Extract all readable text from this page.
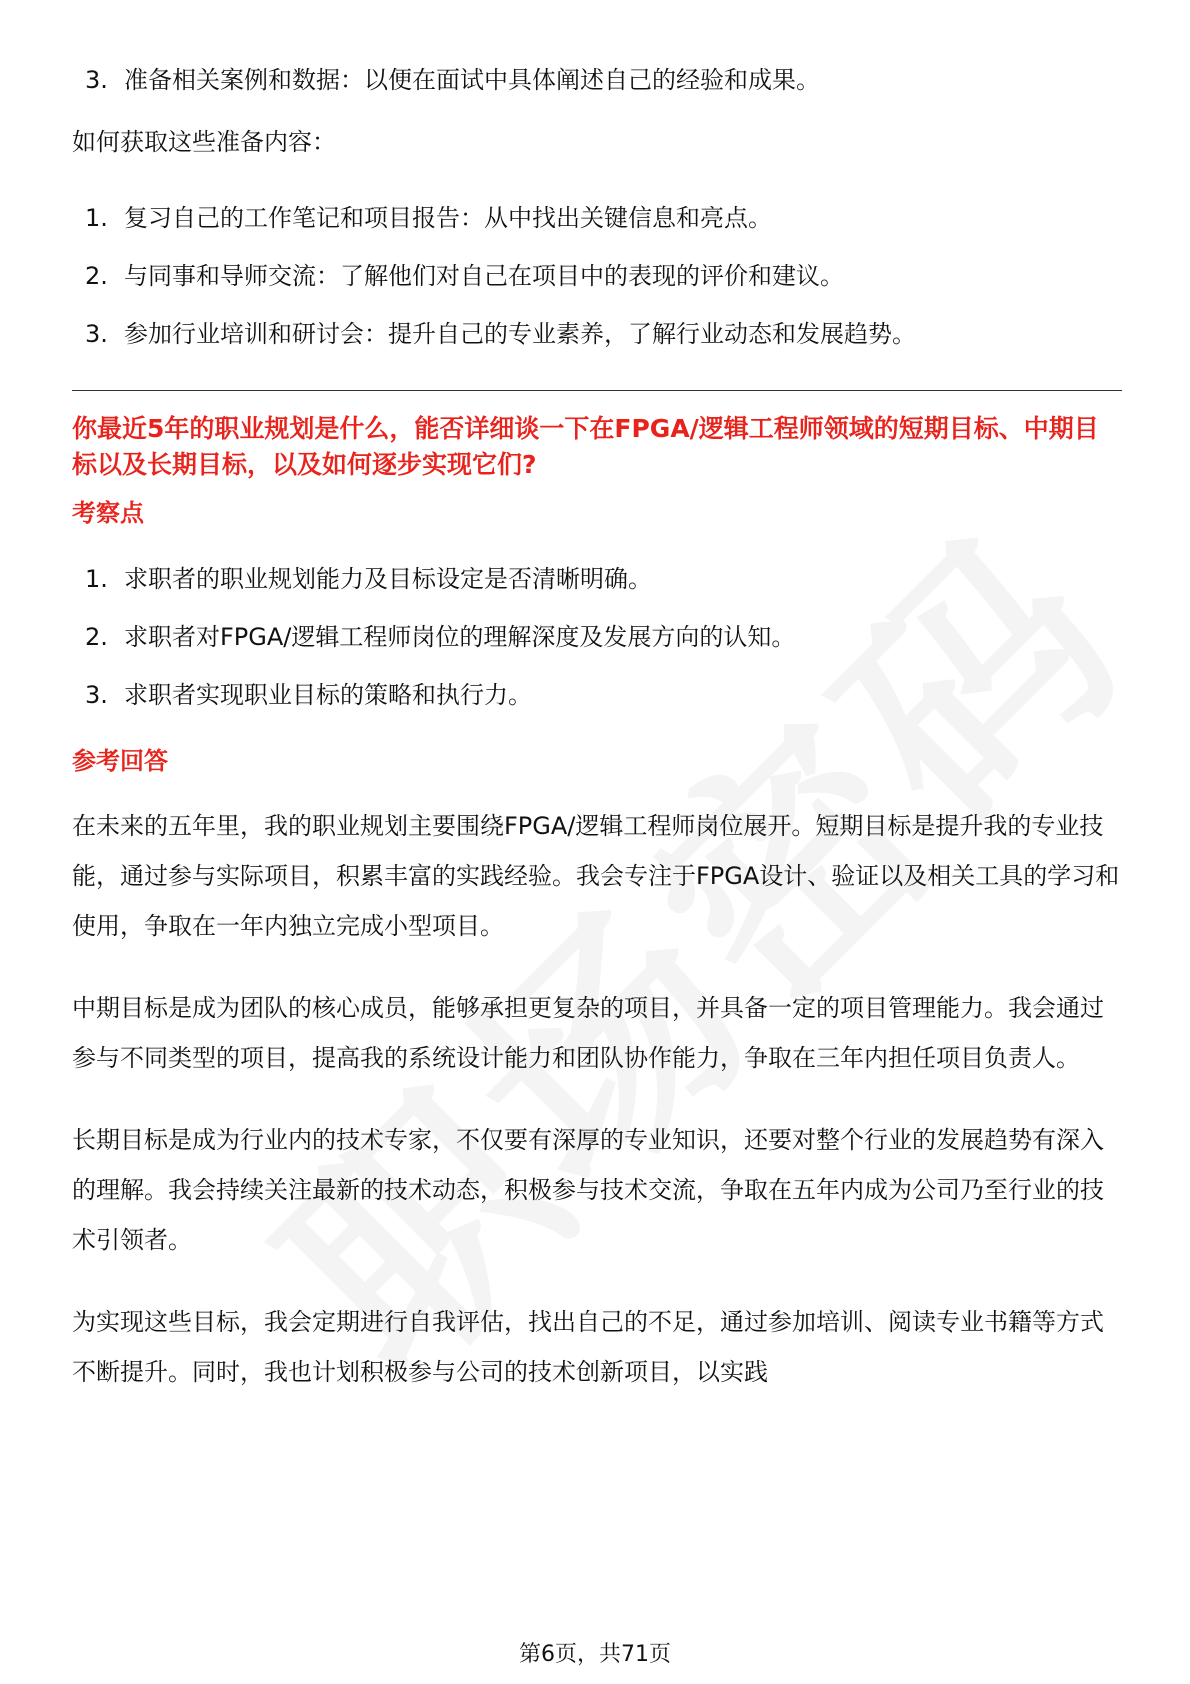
3. 准备相关案例和数据：以便在面试中具体阐述自己的经验和成果。

如何获取这些准备内容：

1. 复习自己的工作笔记和项目报告：从中找出关键信息和亮点。
2. 与同事和导师交流：了解他们对自己在项目中的表现的评价和建议。
3. 参加行业培训和研讨会：提升自己的专业素养，了解行业动态和发展趋势。

你最近5年的职业规划是什么，能否详细谈一下在FPGA/逻辑工程师领域的短期目标、中期目标以及长期目标，以及如何逐步实现它们?

考察点

1. 求职者的职业规划能力及目标设定是否清晰明确。
2. 求职者对FPGA/逻辑工程师岗位的理解深度及发展方向的认知。
3. 求职者实现职业目标的策略和执行力。

参考回答

在未来的五年里，我的职业规划主要围绕FPGA/逻辑工程师岗位展开。短期目标是提升我的专业技能，通过参与实际项目，积累丰富的实践经验。我会专注于FPGA设计、验证以及相关工具的学习和使用，争取在一年内独立完成小型项目。

中期目标是成为团队的核心成员，能够承担更复杂的项目，并具备一定的项目管理能力。我会通过参与不同类型的项目，提高我的系统设计能力和团队协作能力，争取在三年内担任项目负责人。

长期目标是成为行业内的技术专家，不仅要有深厚的专业知识，还要对整个行业的发展趋势有深入的理解。我会持续关注最新的技术动态，积极参与技术交流，争取在五年内成为公司乃至行业的技术引领者。

为实现这些目标，我会定期进行自我评估，找出自己的不足，通过参加培训、阅读专业书籍等方式不断提升。同时，我也计划积极参与公司的技术创新项目，以实践

第6页，共71页
